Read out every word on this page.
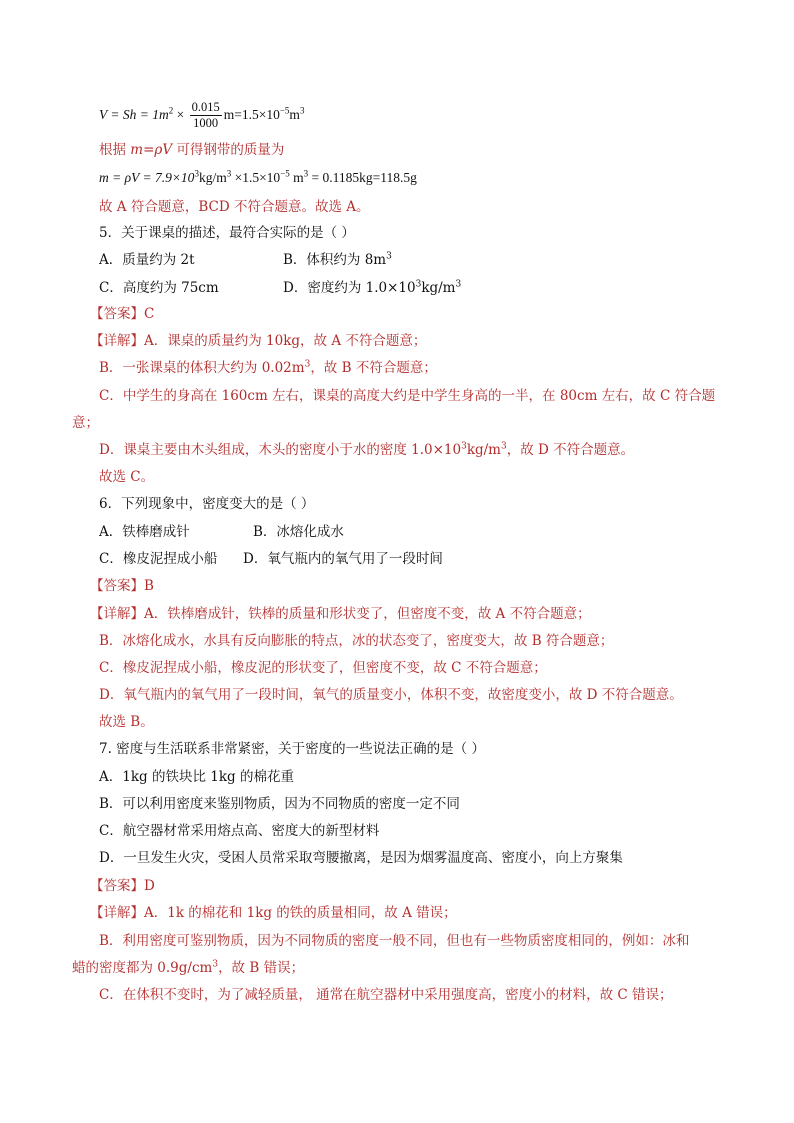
$V = Sh = 1m^2 \times \frac{0.015}{1000} m=1.5\times 10^{-5}m^3$
根据 m=ρV 可得钢带的质量为
$m = \rho V = 7.9\times 10^3kg/m^3 \times 1.5\times 10^{-5}$ $m^3 = 0.1185kg=118.5g$
故 A 符合题意，BCD 不符合题意。故选 A。
5．关于课桌的描述，最符合实际的是（ ）
A．质量约为 2t	B．体积约为 $8m^3$
C．高度约为 75cm	D．密度约为 $1.0\times 10^3kg/m^3$
【答案】C
【详解】A．课桌的质量约为 10kg，故 A 不符合题意；
B．一张课桌的体积大约为 $0.02m^3$，故 B 不符合题意；
C．中学生的身高在 160cm 左右，课桌的高度大约是中学生身高的一半，在 80cm 左右，故 C 符合题
意；
D．课桌主要由木头组成，木头的密度小于水的密度 $1.0\times 10^3kg/m^3$，故 D 不符合题意。
故选 C。
6．下列现象中，密度变大的是（ ）
A．铁棒磨成针	B．冰熔化成水
C．橡皮泥捏成小船 D．氧气瓶内的氧气用了一段时间
【答案】B
【详解】A．铁棒磨成针，铁棒的质量和形状变了，但密度不变，故 A 不符合题意；
B．冰熔化成水，水具有反向膨胀的特点，冰的状态变了，密度变大，故 B 符合题意；
C．橡皮泥捏成小船，橡皮泥的形状变了，但密度不变，故 C 不符合题意；
D．氧气瓶内的氧气用了一段时间，氧气的质量变小，体积不变，故密度变小，故 D 不符合题意。
故选 B。
7. 密度与生活联系非常紧密，关于密度的一些说法正确的是（ ）
A．1kg 的铁块比 1kg 的棉花重
B．可以利用密度来鉴别物质，因为不同物质的密度一定不同
C．航空器材常采用熔点高、密度大的新型材料
D．一旦发生火灾，受困人员常采取弯腰撤离，是因为烟雾温度高、密度小，向上方聚集
【答案】D
【详解】A．1k 的棉花和 1kg 的铁的质量相同，故 A 错误；
B．利用密度可鉴别物质，因为不同物质的密度一般不同，但也有一些物质密度相同的，例如：冰和
蜡的密度都为 $0.9g/cm^3$，故 B 错误；
C．在体积不变时，为了减轻质量， 通常在航空器材中采用强度高，密度小的材料，故 C 错误；
